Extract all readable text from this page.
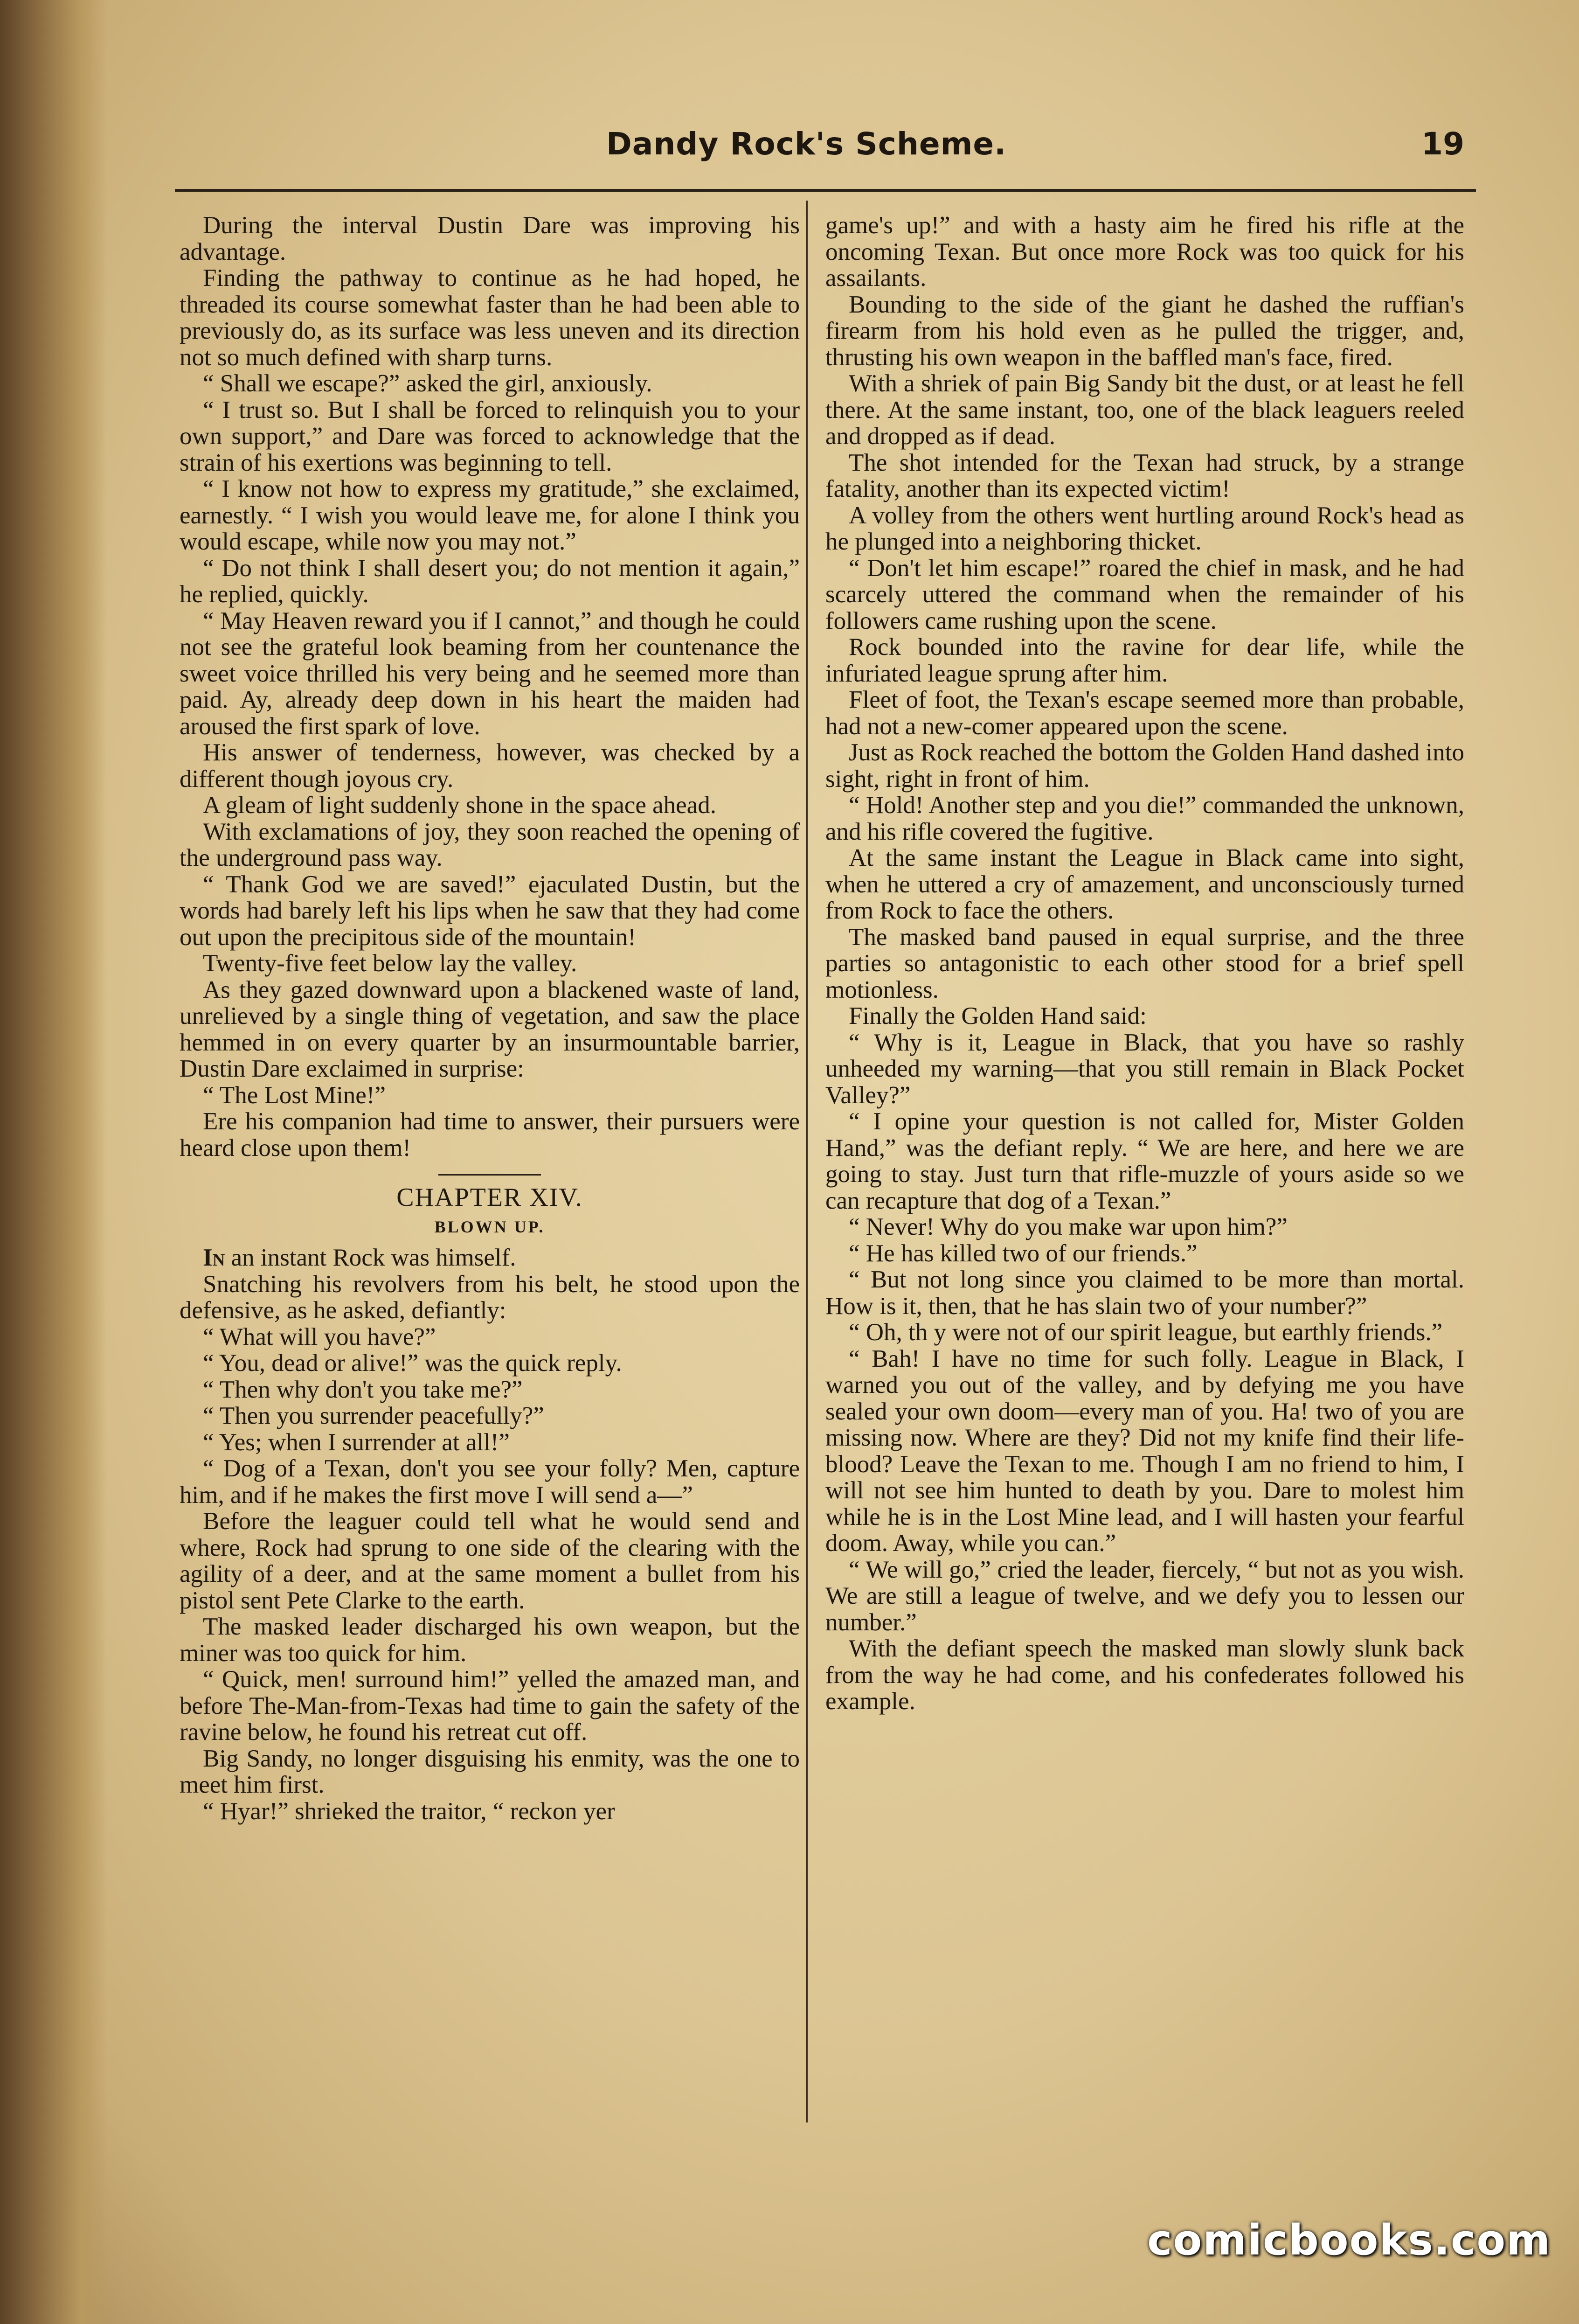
Dandy Rock's Scheme.	19

During the interval Dustin Dare was improving his advantage.

Finding the pathway to continue as he had hoped, he threaded its course somewhat faster than he had been able to previously do, as its surface was less uneven and its direction not so much defined with sharp turns.

“ Shall we escape?” asked the girl, anxiously.

“ I trust so. But I shall be forced to relinquish you to your own support,” and Dare was forced to acknowledge that the strain of his exertions was beginning to tell.

“ I know not how to express my gratitude,” she exclaimed, earnestly. “ I wish you would leave me, for alone I think you would escape, while now you may not.”

“ Do not think I shall desert you; do not mention it again,” he replied, quickly.

“ May Heaven reward you if I cannot,” and though he could not see the grateful look beaming from her countenance the sweet voice thrilled his very being and he seemed more than paid. Ay, already deep down in his heart the maiden had aroused the first spark of love.

His answer of tenderness, however, was checked by a different though joyous cry.

A gleam of light suddenly shone in the space ahead.

With exclamations of joy, they soon reached the opening of the underground pass way.

“ Thank God we are saved!” ejaculated Dustin, but the words had barely left his lips when he saw that they had come out upon the precipitous side of the mountain!

Twenty-five feet below lay the valley.

As they gazed downward upon a blackened waste of land, unrelieved by a single thing of vegetation, and saw the place hemmed in on every quarter by an insurmountable barrier, Dustin Dare exclaimed in surprise:

“ The Lost Mine!”

Ere his companion had time to answer, their pursuers were heard close upon them!

CHAPTER XIV.
BLOWN UP.

In an instant Rock was himself.

Snatching his revolvers from his belt, he stood upon the defensive, as he asked, defiantly:

“ What will you have?”

“ You, dead or alive!” was the quick reply.

“ Then why don't you take me?”

“ Then you surrender peacefully?”

“ Yes; when I surrender at all!”

“ Dog of a Texan, don't you see your folly? Men, capture him, and if he makes the first move I will send a—”

Before the leaguer could tell what he would send and where, Rock had sprung to one side of the clearing with the agility of a deer, and at the same moment a bullet from his pistol sent Pete Clarke to the earth.

The masked leader discharged his own weapon, but the miner was too quick for him.

“ Quick, men! surround him!” yelled the amazed man, and before The-Man-from-Texas had time to gain the safety of the ravine below, he found his retreat cut off.

Big Sandy, no longer disguising his enmity, was the one to meet him first.

“ Hyar!” shrieked the traitor, “ reckon yer

game's up!” and with a hasty aim he fired his rifle at the oncoming Texan. But once more Rock was too quick for his assailants.

Bounding to the side of the giant he dashed the ruffian's firearm from his hold even as he pulled the trigger, and, thrusting his own weapon in the baffled man's face, fired.

With a shriek of pain Big Sandy bit the dust, or at least he fell there. At the same instant, too, one of the black leaguers reeled and dropped as if dead.

The shot intended for the Texan had struck, by a strange fatality, another than its expected victim!

A volley from the others went hurtling around Rock's head as he plunged into a neighboring thicket.

“ Don't let him escape!” roared the chief in mask, and he had scarcely uttered the command when the remainder of his followers came rushing upon the scene.

Rock bounded into the ravine for dear life, while the infuriated league sprung after him.

Fleet of foot, the Texan's escape seemed more than probable, had not a new-comer appeared upon the scene.

Just as Rock reached the bottom the Golden Hand dashed into sight, right in front of him.

“ Hold! Another step and you die!” commanded the unknown, and his rifle covered the fugitive.

At the same instant the League in Black came into sight, when he uttered a cry of amazement, and unconsciously turned from Rock to face the others.

The masked band paused in equal surprise, and the three parties so antagonistic to each other stood for a brief spell motionless.

Finally the Golden Hand said:

“ Why is it, League in Black, that you have so rashly unheeded my warning—that you still remain in Black Pocket Valley?”

“ I opine your question is not called for, Mister Golden Hand,” was the defiant reply. “ We are here, and here we are going to stay. Just turn that rifle-muzzle of yours aside so we can recapture that dog of a Texan.”

“ Never! Why do you make war upon him?”

“ He has killed two of our friends.”

“ But not long since you claimed to be more than mortal. How is it, then, that he has slain two of your number?”

“ Oh, th y were not of our spirit league, but earthly friends.”

“ Bah! I have no time for such folly. League in Black, I warned you out of the valley, and by defying me you have sealed your own doom—every man of you. Ha! two of you are missing now. Where are they? Did not my knife find their life-blood? Leave the Texan to me. Though I am no friend to him, I will not see him hunted to death by you. Dare to molest him while he is in the Lost Mine lead, and I will hasten your fearful doom. Away, while you can.”

“ We will go,” cried the leader, fiercely, “ but not as you wish. We are still a league of twelve, and we defy you to lessen our number.”

With the defiant speech the masked man slowly slunk back from the way he had come, and his confederates followed his example.

comicbooks.com
